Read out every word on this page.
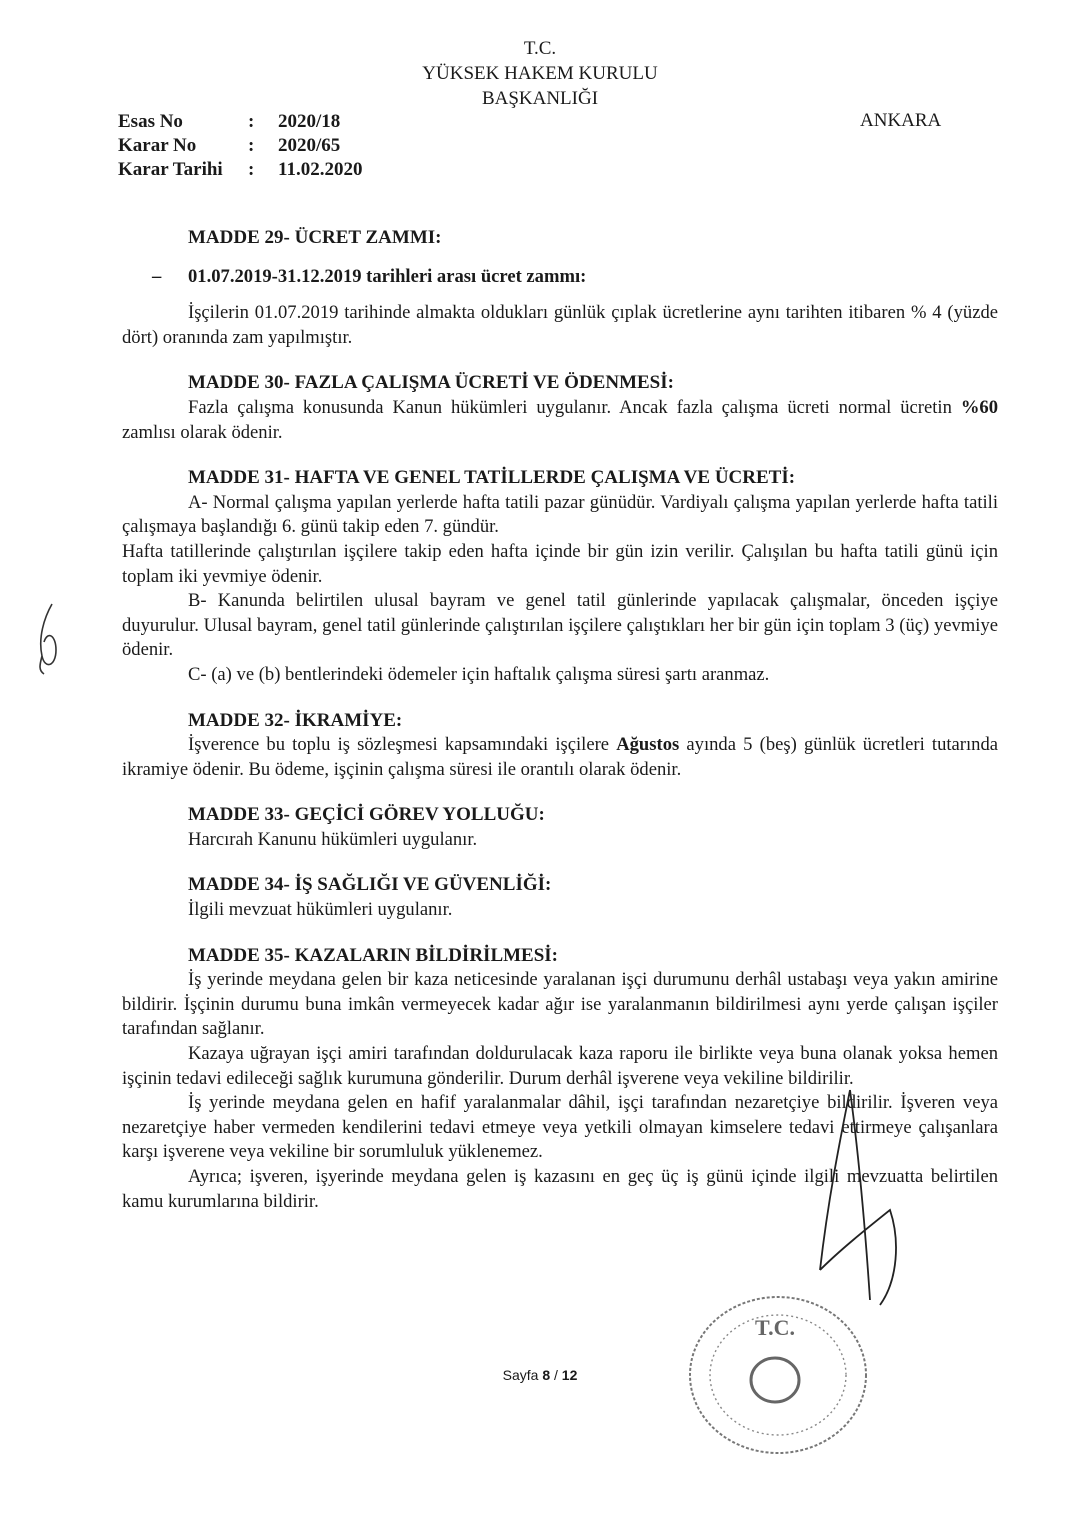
T.C.
YÜKSEK HAKEM KURULU
BAŞKANLIĞI
ANKARA
Esas No	:	2020/18
Karar No	:	2020/65
Karar Tarihi	:	11.02.2020
MADDE 29- ÜCRET ZAMMI:
–	01.07.2019-31.12.2019 tarihleri arası ücret zammı:
İşçilerin 01.07.2019 tarihinde almakta oldukları günlük çıplak ücretlerine aynı tarihten itibaren % 4 (yüzde dört) oranında zam yapılmıştır.
MADDE 30- FAZLA ÇALIŞMA ÜCRETİ VE ÖDENMESİ:
Fazla çalışma konusunda Kanun hükümleri uygulanır. Ancak fazla çalışma ücreti normal ücretin %60 zamlısı olarak ödenir.
MADDE 31- HAFTA VE GENEL TATİLLERDE ÇALIŞMA VE ÜCRETİ:
A- Normal çalışma yapılan yerlerde hafta tatili pazar günüdür. Vardiyalı çalışma yapılan yerlerde hafta tatili çalışmaya başlandığı 6. günü takip eden 7. gündür.
Hafta tatillerinde çalıştırılan işçilere takip eden hafta içinde bir gün izin verilir. Çalışılan bu hafta tatili günü için toplam iki yevmiye ödenir.
B- Kanunda belirtilen ulusal bayram ve genel tatil günlerinde yapılacak çalışmalar, önceden işçiye duyurulur. Ulusal bayram, genel tatil günlerinde çalıştırılan işçilere çalıştıkları her bir gün için toplam 3 (üç) yevmiye ödenir.
C- (a) ve (b) bentlerindeki ödemeler için haftalık çalışma süresi şartı aranmaz.
MADDE 32- İKRAMİYE:
İşverence bu toplu iş sözleşmesi kapsamındaki işçilere Ağustos ayında 5 (beş) günlük ücretleri tutarında ikramiye ödenir. Bu ödeme, işçinin çalışma süresi ile orantılı olarak ödenir.
MADDE 33- GEÇİCİ GÖREV YOLLUĞU:
Harcırah Kanunu hükümleri uygulanır.
MADDE 34- İŞ SAĞLIĞI VE GÜVENLİĞİ:
İlgili mevzuat hükümleri uygulanır.
MADDE 35- KAZALARIN BİLDİRİLMESİ:
İş yerinde meydana gelen bir kaza neticesinde yaralanan işçi durumunu derhâl ustabaşı veya yakın amirine bildirir. İşçinin durumu buna imkân vermeyecek kadar ağır ise yaralanmanın bildirilmesi aynı yerde çalışan işçiler tarafından sağlanır.
Kazaya uğrayan işçi amiri tarafından doldurulacak kaza raporu ile birlikte veya buna olanak yoksa hemen işçinin tedavi edileceği sağlık kurumuna gönderilir. Durum derhâl işverene veya vekiline bildirilir.
İş yerinde meydana gelen en hafif yaralanmalar dâhil, işçi tarafından nezaretçiye bildirilir. İşveren veya nezaretçiye haber vermeden kendilerini tedavi etmeye veya yetkili olmayan kimselere tedavi ettirmeye çalışanlara karşı işverene veya vekiline bir sorumluluk yüklenemez.
Ayrıca; işveren, işyerinde meydana gelen iş kazasını en geç üç iş günü içinde ilgili mevzuatta belirtilen kamu kurumlarına bildirir.
T.C.
Sayfa 8 / 12
